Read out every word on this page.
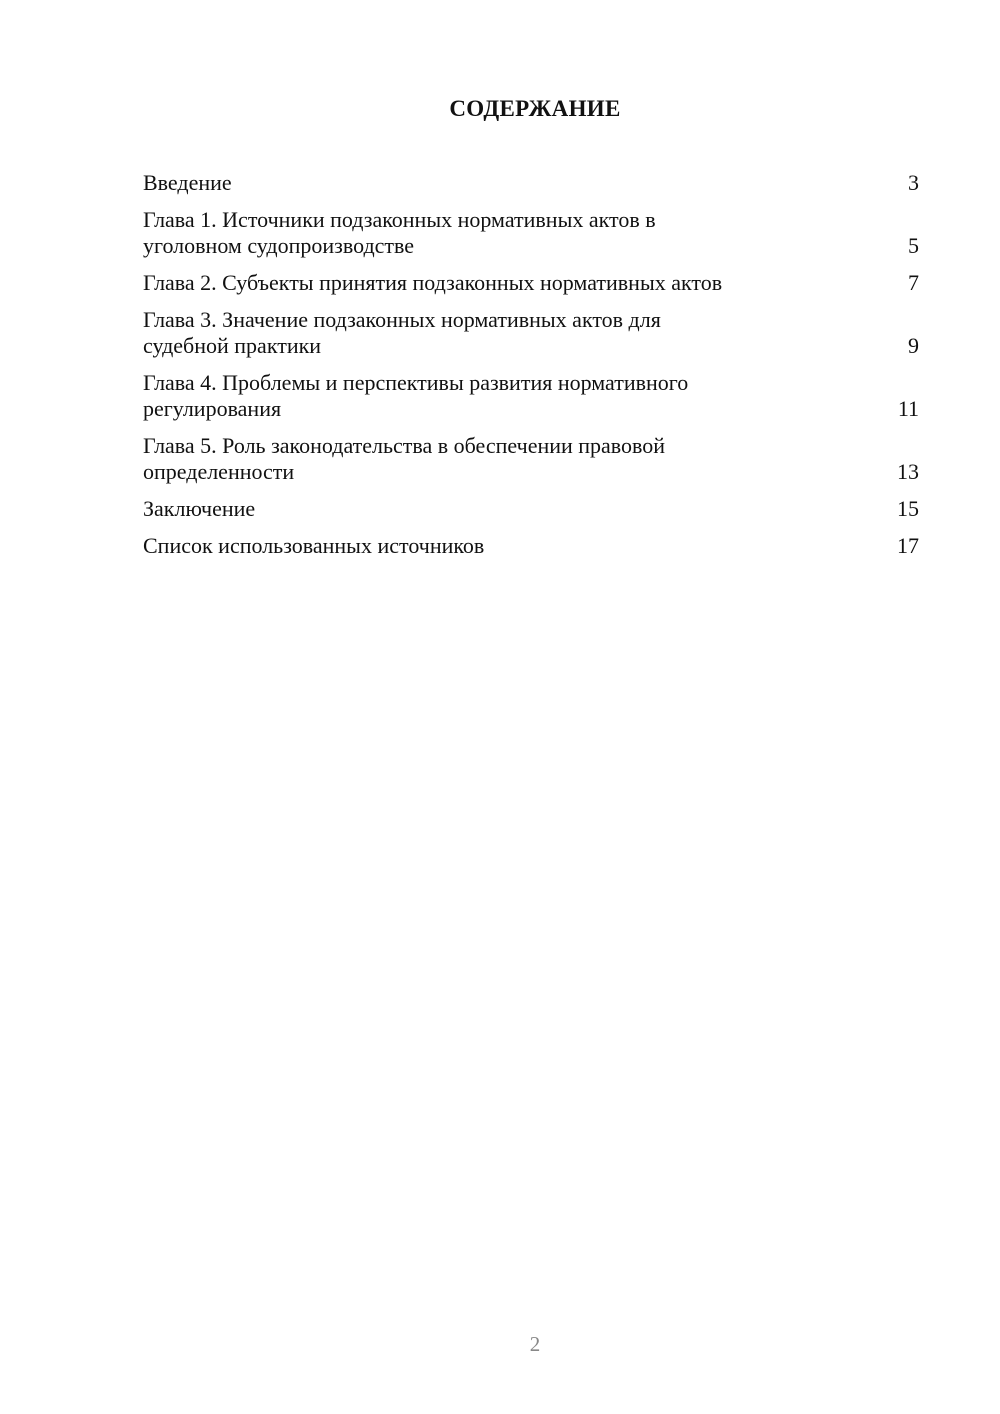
СОДЕРЖАНИЕ
Введение	3
Глава 1. Источники подзаконных нормативных актов в
уголовном судопроизводстве	5
Глава 2. Субъекты принятия подзаконных нормативных актов	7
Глава 3. Значение подзаконных нормативных актов для
судебной практики	9
Глава 4. Проблемы и перспективы развития нормативного
регулирования	11
Глава 5. Роль законодательства в обеспечении правовой
определенности	13
Заключение	15
Список использованных источников	17
2
